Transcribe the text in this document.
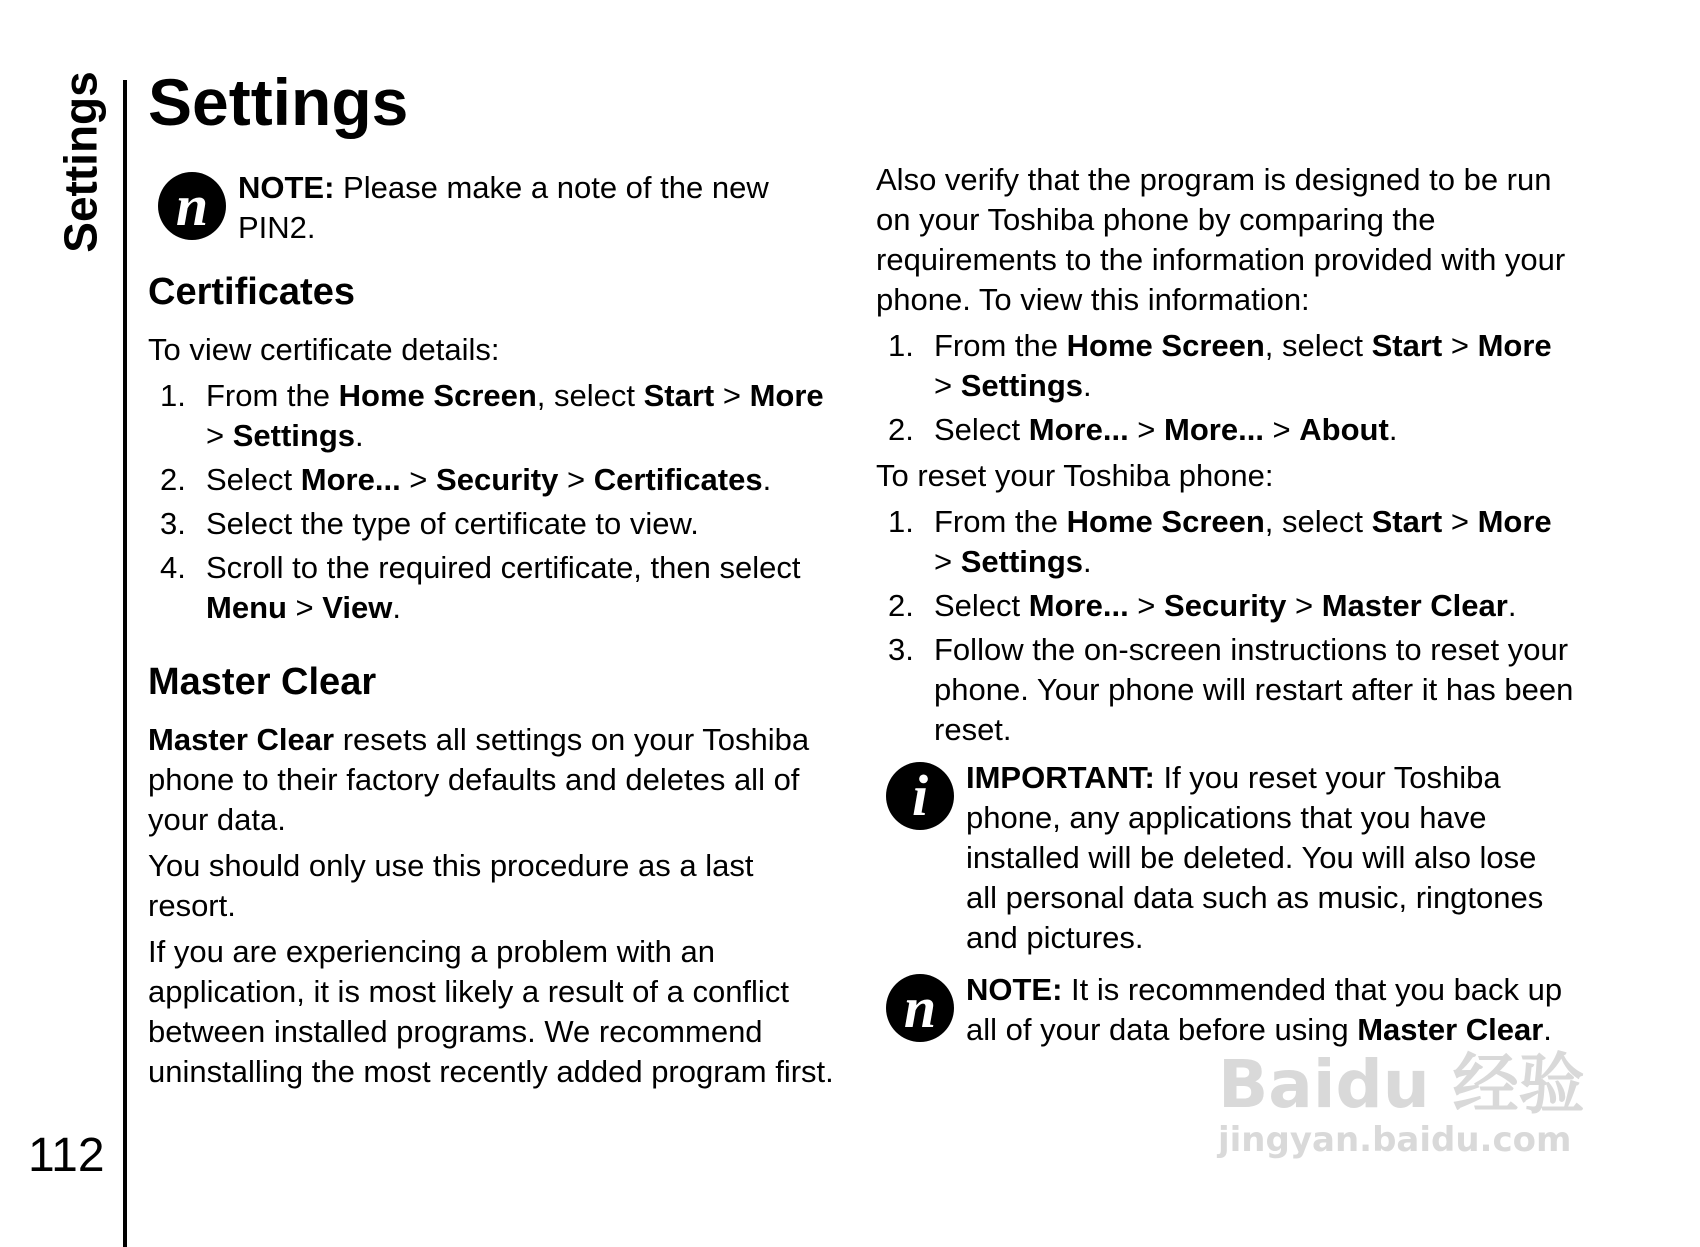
Settings
112
Settings
n NOTE: Please make a note of the new PIN2.
Certificates

To view certificate details:

1. From the Home Screen, select Start > More > Settings.
2. Select More... > Security > Certificates.
3. Select the type of certificate to view.
4. Scroll to the required certificate, then select Menu > View.
Master Clear

Master Clear resets all settings on your Toshiba phone to their factory defaults and deletes all of your data.

You should only use this procedure as a last resort.

If you are experiencing a problem with an application, it is most likely a result of a conflict between installed programs. We recommend uninstalling the most recently added program first.

Also verify that the program is designed to be run on your Toshiba phone by comparing the requirements to the information provided with your phone. To view this information:

1. From the Home Screen, select Start > More > Settings.
2. Select More... > More... > About.

To reset your Toshiba phone:

1. From the Home Screen, select Start > More > Settings.
2. Select More... > Security > Master Clear.
3. Follow the on-screen instructions to reset your phone. Your phone will restart after it has been reset.
i	IMPORTANT: If you reset your Toshiba phone, any applications that you have installed will be deleted. You will also lose all personal data such as music, ringtones and pictures.
n NOTE: It is recommended that you back up all of your data before using Master Clear.
Baidu 经验
jingyan.baidu.com
